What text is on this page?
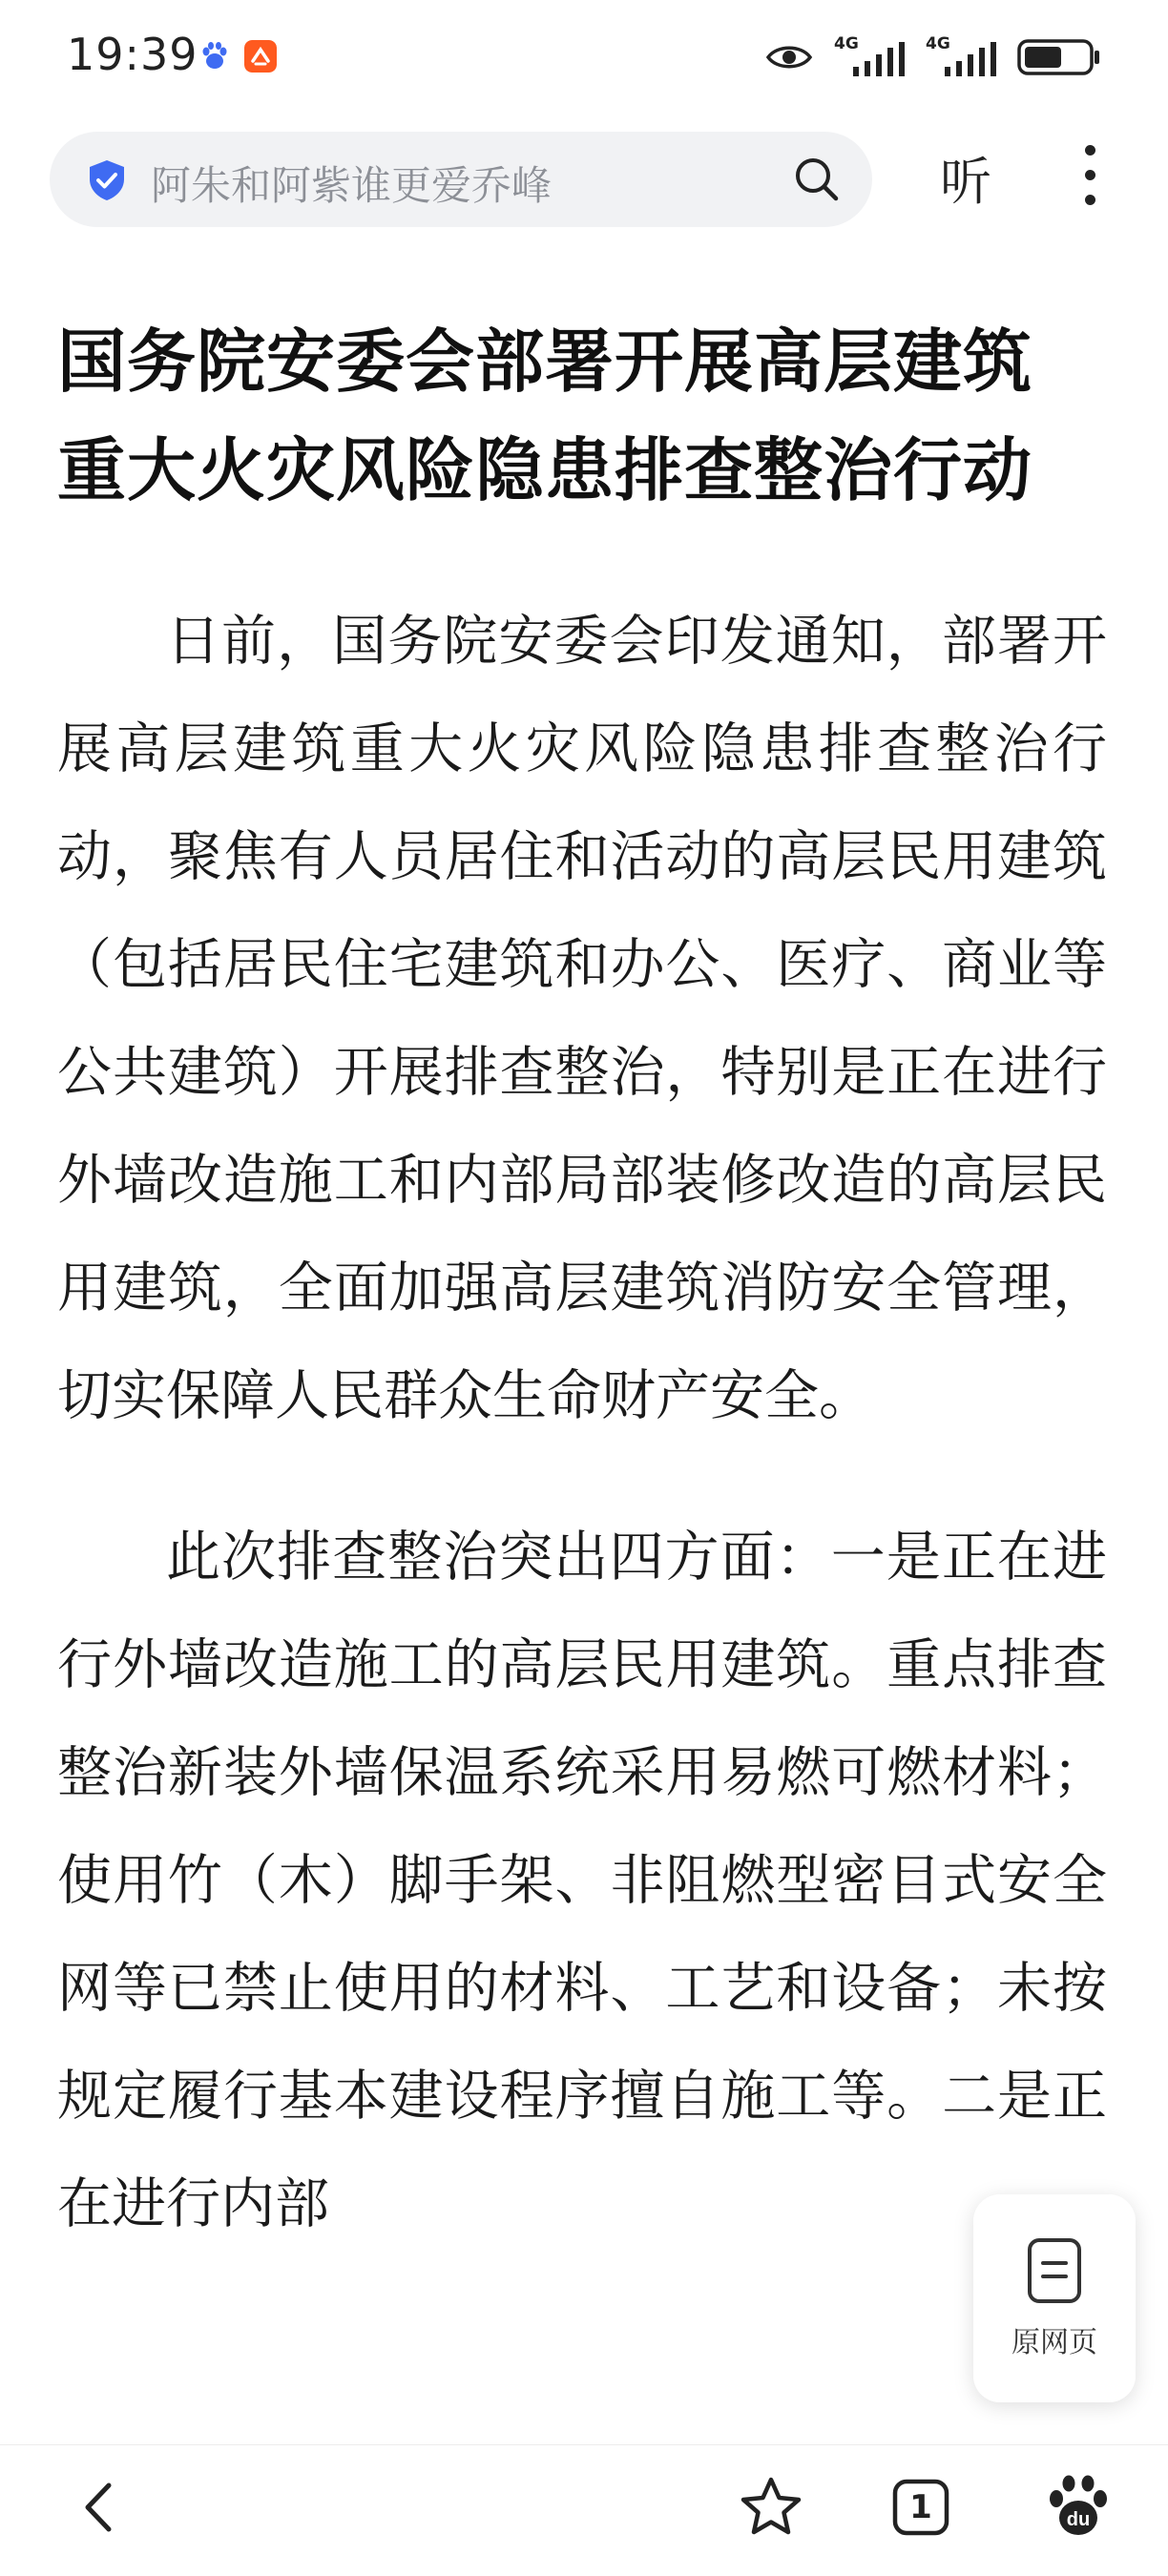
19:39	4G	4G
阿朱和阿紫谁更爱乔峰	听
国务院安委会部署开展高层建筑重大火灾风险隐患排查整治行动

日前，国务院安委会印发通知，部署开展高层建筑重大火灾风险隐患排查整治行动，聚焦有人员居住和活动的高层民用建筑（包括居民住宅建筑和办公、医疗、商业等公共建筑）开展排查整治，特别是正在进行外墙改造施工和内部局部装修改造的高层民用建筑，全面加强高层建筑消防安全管理，切实保障人民群众生命财产安全。

此次排查整治突出四方面：一是正在进行外墙改造施工的高层民用建筑。重点排查整治新装外墙保温系统采用易燃可燃材料；使用竹（木）脚手架、非阻燃型密目式安全网等已禁止使用的材料、工艺和设备；未按规定履行基本建设程序擅自施工等。二是正在进行内部

原网页
1	du
